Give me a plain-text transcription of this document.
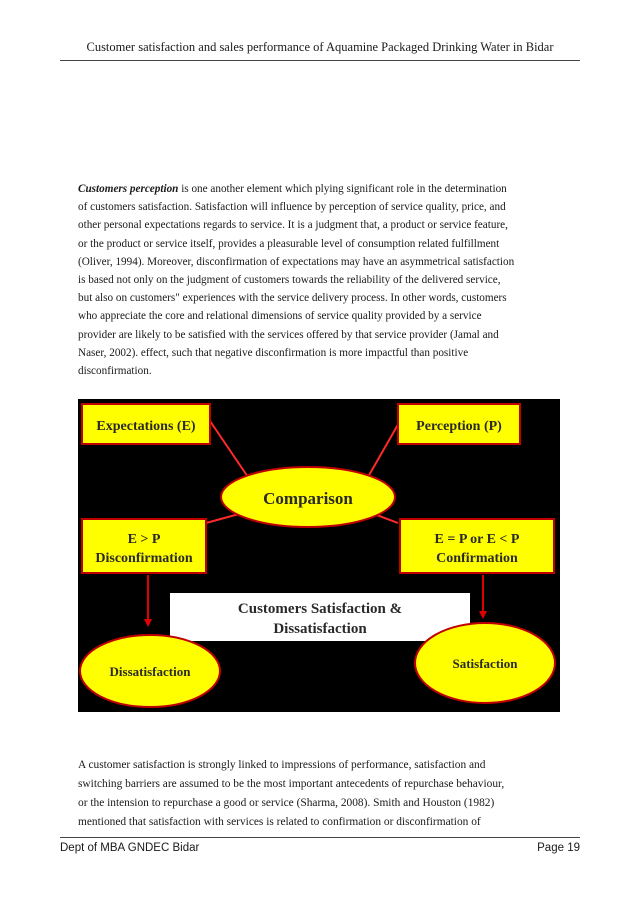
Customer satisfaction and sales performance of Aquamine Packaged Drinking Water in Bidar
Customers perception is one another element which plying significant role in the determination
of customers satisfaction. Satisfaction will influence by perception of service quality, price, and
other personal expectations regards to service. It is a judgment that, a product or service feature,
or the product or service itself, provides a pleasurable level of consumption related fulfillment
(Oliver, 1994). Moreover, disconfirmation of expectations may have an asymmetrical satisfaction
is based not only on the judgment of customers towards the reliability of the delivered service,
but also on customers" experiences with the service delivery process. In other words, customers
who appreciate the core and relational dimensions of service quality provided by a service
provider are likely to be satisfied with the services offered by that service provider (Jamal and
Naser, 2002). effect, such that negative disconfirmation is more impactful than positive
disconfirmation.
Expectations (E)	Perception (P)
Comparison
E > P
Disconfirmation
E = P or E < P
Confirmation
Customers Satisfaction &
Dissatisfaction
Dissatisfaction
Satisfaction
A customer satisfaction is strongly linked to impressions of performance, satisfaction and
switching barriers are assumed to be the most important antecedents of repurchase behaviour,
or the intension to repurchase a good or service (Sharma, 2008). Smith and Houston (1982)
mentioned that satisfaction with services is related to confirmation or disconfirmation of
Dept of MBA GNDEC Bidar	Page 19
